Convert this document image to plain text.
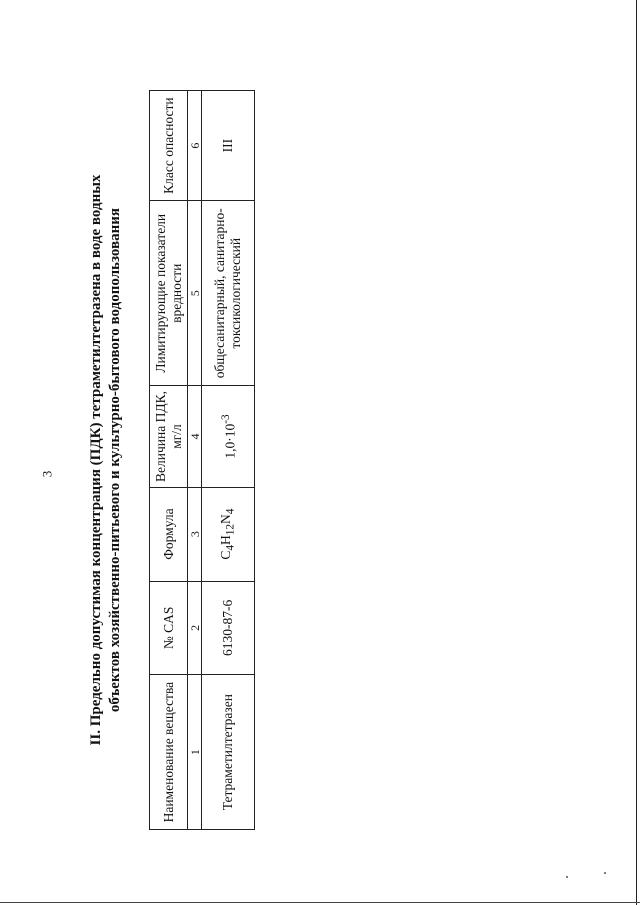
3 II. Предельно допустимая концентрация (ПДК) тетраметилтетразена в воде водных объектов хозяйственно-питьевого и культурно-бытового водопользования
Наименование вещества	№ CAS	Формула	Величина ПДК, мг/л	Лимитирующие показатели вредности	Класс опасности
1	2	3	4	5	6
Тетраметилтетразен	6130-87-6	$C_4H_{12}N_4$	$1,0\cdot 10^{-3}$	общесанитарный, санитарно-токсикологический	III
